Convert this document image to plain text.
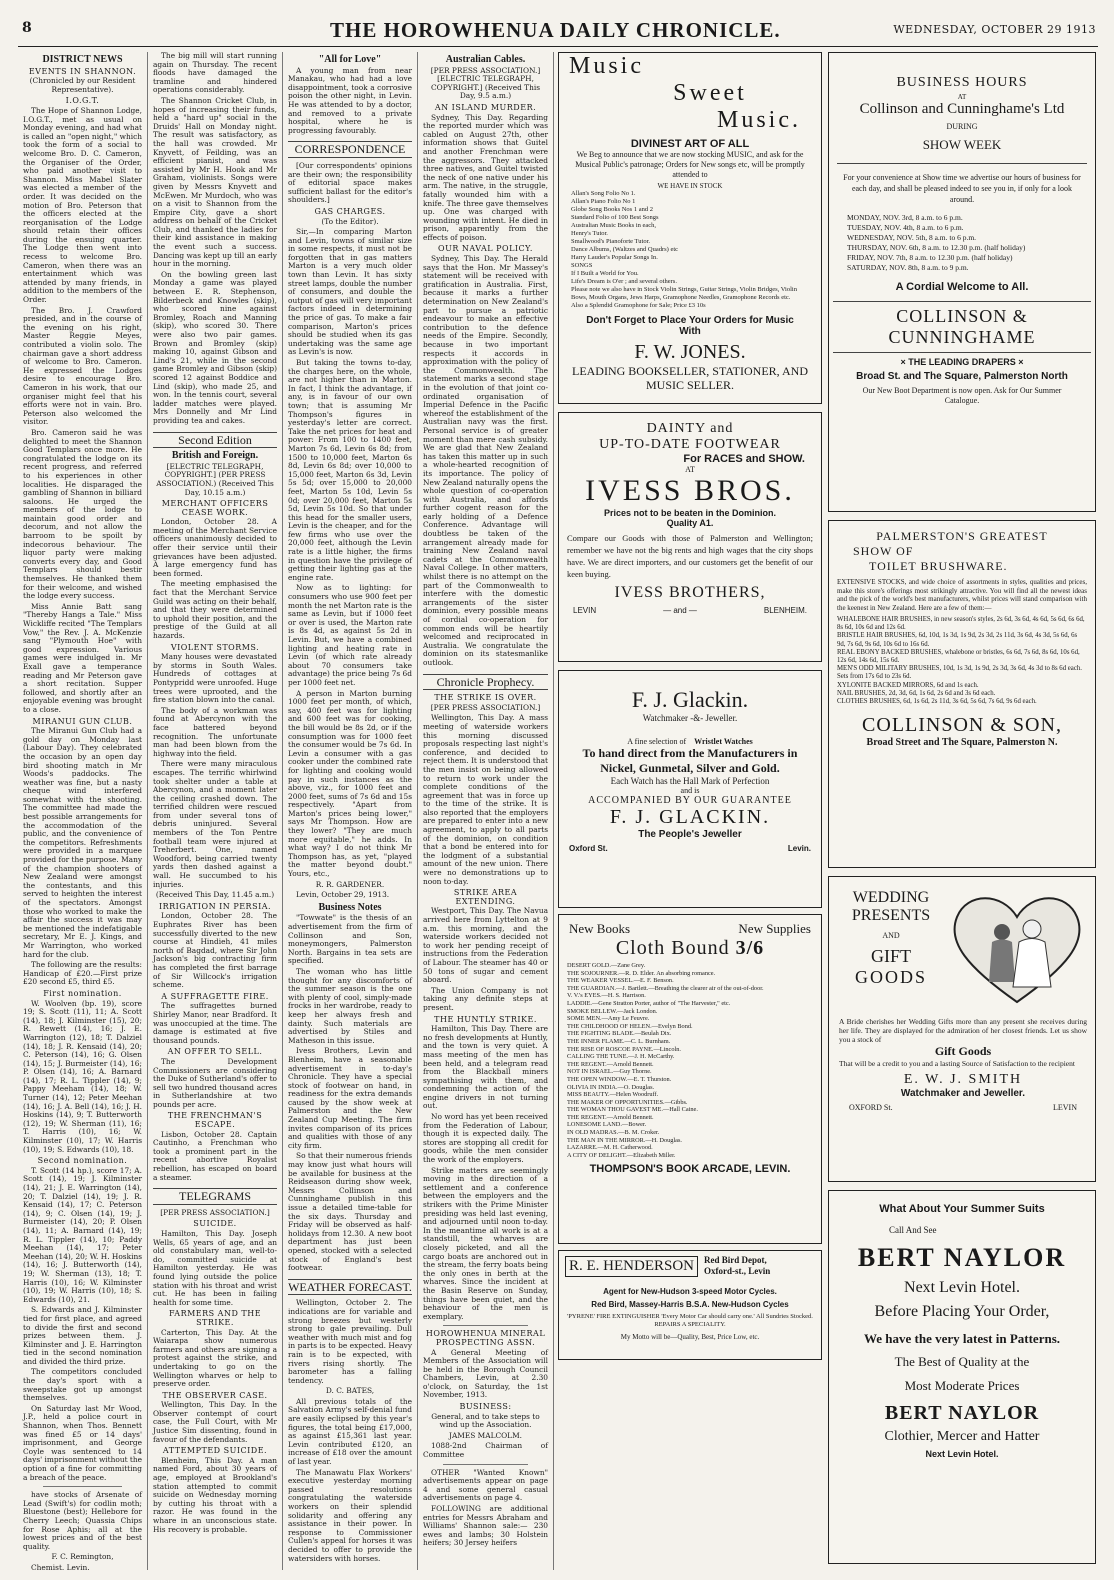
8	THE HOROWHENUA DAILY CHRONICLE.	WEDNESDAY, OCTOBER 29 1913
DISTRICT NEWS
EVENTS IN SHANNON.

(Chronicled by our Resident Representative).

I.O.G.T.

The Hope of Shannon Lodge, I.O.G.T., met as usual on Monday evening, and had what is called an "open night," which took the form of a social to welcome Bro. D. C. Cameron, the Organiser of the Order, who paid another visit to Shannon. Miss Mabel Slater was elected a member of the order. It was decided on the motion of Bro. Peterson that the officers elected at the reorganisation of the Lodge should retain their offices during the ensuing quarter. The Lodge then went into recess to welcome Bro. Cameron, when there was an entertainment which was attended by many friends, in addition to the members of the Order.

The Bro. J. Crawford presided, and in the course of the evening on his right, Master Reggie Meyes, contributed a violin solo. The chairman gave a short address of welcome to Bro. Cameron. He expressed the Lodges desire to encourage Bro. Cameron in his work, that our organiser might feel that his efforts were not in vain. Bro. Peterson also welcomed the visitor.

Bro. Cameron said he was delighted to meet the Shannon Good Templars once more. He congratulated the lodge on its recent progress, and referred to his experiences in other localities. He disparaged the gambling of Shannon in billiard saloons. He urged the members of the lodge to maintain good order and decorum, and not allow the barroom to be spoilt by indecorous behaviour. The liquor party were making converts every day, and Good Templars should bestir themselves. He thanked them for their welcome, and wished the lodge every success.

Miss Annie Batt sang "Thereby Hangs a Tale." Miss Wickliffe recited "The Templars Vow," the Rev. J. A. McKenzie sang "Plymouth Hoe" with good expression. Various games were indulged in. Mr Exall gave a temperance reading and Mr Peterson gave a short recitation. Supper followed, and shortly after an enjoyable evening was brought to a close.

MIRANUI GUN CLUB.

The Miranui Gun Club had a gold day on Monday last (Labour Day). They celebrated the occasion by an open day bird shooting match in Mr Woods's paddocks. The weather was fine, but a nasty cheque wind interfered somewhat with the shooting. The committee had made the best possible arrangements for the accommodation of the public, and the convenience of the competitors. Refreshments were provided in a marquee provided for the purpose. Many of the champion shooters of New Zealand were amongst the contestants, and this served to heighten the interest of the spectators. Amongst those who worked to make the affair the success it was may be mentioned the indefatigable secretary, Mr E. J. Kings, and Mr Warrington, who worked hard for the club.

The following are the results: Handicap of £20.—First prize £20 second £5, third £5.

First nomination.

W. Woolven (bp. 19), score 19; S. Scott (11), 11; A. Scott (14), 18; J. Kilminster (15), 20; R. Rewett (14), 16; J. E. Warrington (12), 18; T. Dalziel (14), 18; J. R. Kensaid (14), 20; C. Peterson (14), 16; G. Olsen (14), 15; J. Burmeister (14), 16; P. Olsen (14), 16; A. Barnard (14), 17; R. L. Tippler (14), 9; Pappy Meeham (14), 18; W. Turner (14), 12; Peter Meehan (14), 16; J. A. Bell (14), 16; J. H. Hoskins (14), 9; T. Butterworth (12), 19; W. Sherman (11), 16; T. Harris (10), 16; W. Kilminster (10), 17; W. Harris (10), 19; S. Edwards (10), 18.

Second nomination.

T. Scott (14 hp.), score 17; A. Scott (14), 19; J. Kilminster (14), 21; J. E. Warrington (14), 20; T. Dalziel (14), 19; J. R. Kensaid (14), 17; C. Peterson (14), 9; C. Olsen (14), 19; J. Burmeister (14), 20; P. Olsen (14), 11; A. Barnard (14), 19; R. L. Tippler (14), 10; Paddy Meehan (14), 17; Peter Meehan (14), 20; W. H. Hoskins (14), 16; J. Butterworth (14), 19; W. Sherman (13), 18; T. Harris (10), 16; W. Kilminster (10), 19; W. Harris (10), 18; S. Edwards (10), 21.

S. Edwards and J. Kilminster tied for first place, and agreed to divide the first and second prizes between them. J. Kilminster and J. E. Harrington tied in the second nomination and divided the third prize.

The competitors concluded the day's sport with a sweepstake got up amongst themselves.

On Saturday last Mr Wood, J.P., held a police court in Shannon, when Thos. Bennett was fined £5 or 14 days' imprisonment, and George Coyle was sentenced to 14 days' imprisonment without the option of a fine for committing a breach of the peace.

have stocks of Arsenate of Lead (Swift's) for codlin moth; Bluestone (best); Hellebore for Cherry Leech; Quassia Chips for Rose Aphis; all at the lowest prices and of the best quality.

F. C. Remington,

Chemist. Levin.

The big mill will start running again on Thursday. The recent floods have damaged the tramline and hindered operations considerably.

The Shannon Cricket Club, in hopes of increasing their funds, held a "hard up" social in the Druids' Hall on Monday night. The result was satisfactory, as the hall was crowded. Mr Knyvett, of Feilding, was an efficient pianist, and was assisted by Mr H. Hook and Mr Graham, violinists. Songs were given by Messrs Knyvett and McEwen. Mr Murdoch, who was on a visit to Shannon from the Empire City, gave a short address on behalf of the Cricket Club, and thanked the ladies for their kind assistance in making the event such a success. Dancing was kept up till an early hour in the morning.

On the bowling green last Monday a game was played between E. R. Stephenson, Bilderbeck and Knowles (skip), who scored nine against Bromley, Roach and Manning (skip), who scored 30. There were also two pair games. Brown and Bromley (skip) making 10, against Gibson and Lind's 21, while in the second game Bromley and Gibson (skip) scored 12 against Boddice and Lind (skip), who made 25, and won. In the tennis court, several ladder matches were played. Mrs Donnelly and Mr Lind providing tea and cakes.

Second Edition
British and Foreign.

[ELECTRIC TELEGRAPH, COPYRIGHT.] (PER PRESS ASSOCIATION.) (Received This Day, 10.15 a.m.)

MERCHANT OFFICERS CEASE WORK.

London, October 28. A meeting of the Merchant Service officers unanimously decided to offer their service until their grievances have been adjusted. A large emergency fund has been formed.

The meeting emphasised the fact that the Merchant Service Guild was acting on their behalf, and that they were determined to uphold their position, and the prestige of the Guild at all hazards.

VIOLENT STORMS.

Many houses were devastated by storms in South Wales. Hundreds of cottages at Pontypridd were unroofed. Huge trees were uprooted, and the fire station blown into the canal.

The body of a workman was found at Abercynon with the face battered beyond recognition. The unfortunate man had been blown from the highway into the field.

There were many miraculous escapes. The terrific whirlwind took shelter under a table at Abercynon, and a moment later the ceiling crashed down. The terrified children were rescued from under several tons of debris uninjured. Several members of the Ton Pentre football team were injured at Treherbert. One, named Woodford, being carried twenty yards then dashed against a wall. He succumbed to his injuries.

(Received This Day, 11.45 a.m.)

IRRIGATION IN PERSIA.

London, October 28. The Euphrates River has been successfully diverted to the new course at Hindieh, 41 miles north of Bagdad, where Sir John Jackson's big contracting firm has completed the first barrage of Sir Willcock's irrigation scheme.

A SUFFRAGETTE FIRE.

The suffragettes burned Shirley Manor, near Bradford. It was unoccupied at the time. The damage is estimated at five thousand pounds.

AN OFFER TO SELL.

The Development Commissioners are considering the Duke of Sutherland's offer to sell two hundred thousand acres in Sutherlandshire at two pounds per acre.

THE FRENCHMAN'S ESCAPE.

Lisbon, October 28. Captain Cautinho, a Frenchman who took a prominent part in the recent abortive Royalist rebellion, has escaped on board a steamer.

TELEGRAMS

[PER PRESS ASSOCIATION.]

SUICIDE.

Hamilton, This Day. Joseph Wells, 65 years of age, and an old constabulary man, well-to-do, committed suicide at Hamilton yesterday. He was found lying outside the police station with his throat and wrist cut. He has been in failing health for some time.

FARMERS AND THE STRIKE.

Carterton, This Day. At the Waiarapa show numerous farmers and others are signing a protest against the strike, and undertaking to go on the Wellington wharves or help to preserve order.

THE OBSERVER CASE.

Wellington, This Day. In the Observer contempt of court case, the Full Court, with Mr Justice Sim dissenting, found in favour of the defendants.

ATTEMPTED SUICIDE.

Blenheim, This Day. A man named Ford, about 30 years of age, employed at Brookland's station attempted to commit suicide on Wednesday morning by cutting his throat with a razor. He was found in the whare in an unconscious state. His recovery is probable.

"All for Love"

A young man from near Manakau, who had had a love disappointment, took a corrosive poison the other night, in Levin. He was attended to by a doctor, and removed to a private hospital, where he is progressing favourably.

CORRESPONDENCE

[Our correspondents' opinions are their own; the responsibility of editorial space makes sufficient ballast for the editor's shoulders.]

GAS CHARGES.

(To the Editor).

Sir,—In comparing Marton and Levin, towns of similar size in some respects, it must not be forgotten that in gas matters Marton is a very much older town than Levin. It has sixty street lamps, double the number of consumers, and double the output of gas will very important factors indeed in determining the price of gas. To make a fair comparison, Marton's prices should be studied when its gas undertaking was the same age as Levin's is now.

But taking the towns to-day, the charges here, on the whole, are not higher than in Marton. In fact, I think the advantage, if any, is in favour of our own town; that is assuming Mr Thompson's figures in yesterday's letter are correct. Take the net prices for heat and power: From 100 to 1400 feet, Marton 7s 6d, Levin 6s 8d; from 1500 to 10,000 feet, Marton 6s 8d, Levin 6s 8d; over 10,000 to 15,000 feet, Marton 6s 3d, Levin 5s 5d; over 15,000 to 20,000 feet, Marton 5s 10d, Levin 5s 0d; over 20,000 feet, Marton 5s 5d, Levin 5s 10d. So that under this head for the smaller users, Levin is the cheaper, and for the few firms who use over the 20,000 feet, although the Levin rate is a little higher, the firms in question have the privilege of getting their lighting gas at the engine rate.

Now as to lighting: for consumers who use 900 feet per month the net Marton rate is the same as Levin, but if 1000 feet or over is used, the Marton rate is 8s 4d, as against 5s 2d in Levin. But, we have a combined lighting and heating rate in Levin (of which rate already about 70 consumers take advantage) the price being 7s 6d per 1000 feet net.

A person in Marton burning 1000 feet per month, of which, say, 400 feet was for lighting and 600 feet was for cooking, the bill would be 8s 2d, or if the consumption was for 1000 feet the consumer would be 7s 6d. In Levin a consumer with a gas cooker under the combined rate for lighting and cooking would pay in such instances as the above, viz., for 1000 feet and 2000 feet, sums of 7s 6d and 15s respectively. "Apart from Marton's prices being lower," says Mr Thompson. How are they lower? "They are much more equitable," he adds. In what way? I do not think Mr Thompson has, as yet, "played the matter beyond doubt." Yours, etc.,

R. R. GARDENER.

Levin, October 29, 1913.

Business Notes

"Towwate" is the thesis of an advertisement from the firm of Collinson and Son, moneymongers, Palmerston North. Bargains in tea sets are specified.

The woman who has little thought for any discomforts of the summer season is the one with plenty of cool, simply-made frocks in her wardrobe, ready to keep her always fresh and dainty. Such materials are advertised by Stiles and Matheson in this issue.

Ivess Brothers, Levin and Blenheim, have a seasonable advertisement in to-day's Chronicle. They have a special stock of footwear on hand, in readiness for the extra demands caused by the show week at Palmerston and the New Zealand Cup Meeting. The firm invites comparison of its prices and qualities with those of any city firm.

So that their numerous friends may know just what hours will be available for business at the Reidseason during show week, Messrs Collinson and Cunninghame publish in this issue a detailed time-table for the six days. Thursday and Friday will be observed as half-holidays from 12.30. A new boot department has just been opened, stocked with a selected stock of England's best footwear.

WEATHER FORECAST.

Wellington, October 2. The indications are for variable and strong breezes but westerly strong to gale prevailing. Dull weather with much mist and fog in parts is to be expected. Heavy rain is to be expected, with rivers rising shortly. The barometer has a falling tendency.

D. C. BATES,

All previous totals of the Salvation Army's self-denial fund are easily eclipsed by this year's figures, the total being £17,000, as against £15,361 last year. Levin contributed £120, an increase of £18 over the amount of last year.

The Manawatu Flax Workers' executive yesterday morning passed resolutions congratulating the waterside workers on their splendid solidarity and offering any assistance in their power. In response to Commissioner Cullen's appeal for horses it was decided to offer to provide the watersiders with horses.

Australian Cables.

[PER PRESS ASSOCIATION.] [ELECTRIC TELEGRAPH, COPYRIGHT.] (Received This Day, 9.5 a.m.)

AN ISLAND MURDER.

Sydney, This Day. Regarding the reported murder which was cabled on August 27th, other information shows that Guitel and another Frenchman were the aggressors. They attacked three natives, and Guitel twisted the neck of one native under his arm. The native, in the struggle, fatally wounded him with a knife. The three gave themselves up. One was charged with wounding with intent. He died in prison, apparently from the effects of poison.

OUR NAVAL POLICY.

Sydney, This Day. The Herald says that the Hon. Mr Massey's statement will be received with gratification in Australia. First, because it marks a further determination on New Zealand's part to pursue a patriotic endeavour to make an effective contribution to the defence needs of the Empire. Secondly, because in two important respects it accords in approximation with the policy of the Commonwealth. The statement marks a second stage in the evolution of that joint co-ordinated organisation of Imperial Defence in the Pacific whereof the establishment of the Australian navy was the first. Personal service is of greater moment than mere cash subsidy. We are glad that New Zealand has taken this matter up in such a whole-hearted recognition of its importance. The policy of New Zealand naturally opens the whole question of co-operation with Australia, and affords further cogent reason for the early holding of a Defence Conference. Advantage will doubtless be taken of the arrangement already made for training New Zealand naval cadets at the Commonwealth Naval College. In other matters, whilst there is no attempt on the part of the Commonwealth to interfere with the domestic arrangements of the sister dominion, every possible means of cordial co-operation for common ends will be heartily welcomed and reciprocated in Australia. We congratulate the dominion on its statesmanlike outlook.

Chronicle Prophecy.
THE STRIKE IS OVER.

[PER PRESS ASSOCIATION.]

Wellington, This Day. A mass meeting of waterside workers this morning discussed proposals respecting last night's conference, and decided to reject them. It is understood that the men insist on being allowed to return to work under the complete conditions of the agreement that was in force up to the time of the strike. It is also reported that the employers are prepared to enter into a new agreement, to apply to all parts of the dominion, on condition that a bond be entered into for the lodgment of a substantial amount of the new union. There were no demonstrations up to noon to-day.

STRIKE AREA EXTENDING.

Westport, This Day. The Navua arrived here from Lyttelton at 9 a.m. this morning, and the waterside workers decided not to work her pending receipt of instructions from the Federation of Labour. The steamer has 40 or 50 tons of sugar and cement aboard.

The Union Company is not taking any definite steps at present.

THE HUNTLY STRIKE.

Hamilton, This Day. There are no fresh developments at Huntly, and the town is very quiet. A mass meeting of the men has been held, and a telegram read from the Blackball miners sympathising with them, and condemning the action of the engine drivers in not turning out.

No word has yet been received from the Federation of Labour, though it is expected daily. The stores are stopping all credit for goods, while the men consider the work of the employers.

Strike matters are seemingly moving in the direction of a settlement and a conference between the employers and the strikers with the Prime Minister presiding was held last evening, and adjourned until noon to-day. In the meantime all work is at a standstill, the wharves are closely picketed, and all the cargo boats are anchored out in the stream, the ferry boats being the only ones in berth at the wharves. Since the incident at the Basin Reserve on Sunday, things have been quiet, and the behaviour of the men is exemplary.

HOROWHENUA MINERAL PROSPECTING ASSN.

A General Meeting of Members of the Association will be held in the Borough Council Chambers, Levin, at 2.30 o'clock, on Saturday, the 1st November, 1913.

BUSINESS:

General, and to take steps to wind up the Association.

JAMES MALCOLM.

1088-2nd Chairman of Committee

OTHER "Wanted Known" advertisements appear on page 4 and some general casual advertisements on page 4.

FOLLOWING are additional entries for Messrs Abraham and Williams' Shannon sale:— 230 ewes and lambs; 30 Holstein heifers; 30 Jersey heifers

Music
Sweet
Music.
DIVINEST ART OF ALL
We Beg to announce that we are now stocking MUSIC, and ask for the Musical Public's patronage; Orders for New songs etc, will be promptly attended to
WE HAVE IN STOCK
Allan's Song Folio No 1.
Allan's Piano Folio No 1
Globe Song Books Nos 1 and 2
Standard Folio of 100 Best Songs
Australian Music Books in each,
Henry's Tutor.
Smallwood's Pianoforte Tutor.
Dance Albums, (Waltzes and Quadrs) etc
Harry Lauder's Popular Songs In.
SONGS
If I Built a World for You.
Life's Dream is O'er ; and several others.
Please note we also have in Stock Violin Strings, Guitar Strings, Violin Bridges, Violin Bows, Mouth Organs, Jews Harps, Gramophone Needles, Gramophone Records etc.
Also a Splendid Gramophone for Sale; Price £3 10s
Don't Forget to Place Your Orders for Music With
F. W. JONES.
LEADING BOOKSELLER, STATIONER, AND MUSIC SELLER.
DAINTY and
UP-TO-DATE FOOTWEAR
For RACES and SHOW.
AT
IVESS BROS.
Prices not to be beaten in the Dominion.
Quality A1.
Compare our Goods with those of Palmerston and Wellington; remember we have not the big rents and high wages that the city shops have. We are direct importers, and our customers get the benefit of our keen buying.
IVESS BROTHERS,
LEVIN	— and —	BLENHEIM.
F. J. Glackin.
Watchmaker -&- Jeweller.
A fine selection of Wristlet Watches
To hand direct from the Manufacturers in
Nickel, Gunmetal, Silver and Gold.
Each Watch has the Hall Mark of Perfection
and is
ACCOMPANIED BY OUR GUARANTEE
F. J. GLACKIN.
The People's Jeweller
Oxford St.	Levin.
New Books	New Supplies
Cloth Bound 3/6
DESERT GOLD.—Zane Grey.
THE SOJOURNER.—R. D. Elder. An absorbing romance.
THE WEAKER VESSEL.—E. F. Benson.
THE GUARDIAN.—J. Bartlett.—Breathing the clearer air of the out-of-door.
V. V.'s EYES.—H. S. Harrison.
LADDIE.—Gene Stratton Porter, author of "The Harvester," etc.
SMOKE BELLEW.—Jack London.
SOME MEN.—Amy Le Feuvre.
THE CHILDHOOD OF HELEN.—Evelyn Bond.
THE FIGHTING BLADE.—Beulah Dix.
THE INNER FLAME.—C. L. Burnham.
THE RISE OF ROSCOE PAYNE.—Lincoln.
CALLING THE TUNE.—J. H. McCarthy.
THE REGENT.—Arnold Bennett.
NOT IN ISRAEL.—Guy Thorne.
THE OPEN WINDOW.—E. T. Thurston.
OLIVIA IN INDIA.—O. Douglas.
MISS BEAUTY.—Helen Woodruff.
THE MAKER OF OPPORTUNITIES.—Gibbs.
THE WOMAN THOU GAVEST ME.—Hall Caine.
THE REGENT.—Arnold Bennett.
LONESOME LAND.—Bower.
IN OLD MADRAS.—B. M. Croker.
THE MAN IN THE MIRROR.—H. Douglas.
LAZARRE.—M. H. Catherwood.
A CITY OF DELIGHT.—Elizabeth Miller.
THOMPSON'S BOOK ARCADE, LEVIN.
R. E. HENDERSON	Red Bird Depot,
Oxford-st., Levin
Agent for New-Hudson 3-speed Motor Cycles.
Red Bird, Massey-Harris B.S.A. New-Hudson Cycles
'PYRENE' FIRE EXTINGUISHER 'Every Motor Car should carry one.' All Sundries Stocked. REPAIRS A SPECIALITY.
My Motto will be—Quality, Best, Price Low, etc.
BUSINESS HOURS
AT
Collinson and Cunninghame's Ltd
DURING
SHOW WEEK
For your convenience at Show time we advertise our hours of business for each day, and shall be pleased indeed to see you in, if only for a look around.
MONDAY, NOV. 3rd, 8 a.m. to 6 p.m.
TUESDAY, NOV. 4th, 8 a.m. to 6 p.m.
WEDNESDAY, NOV. 5th, 8 a.m. to 6 p.m.
THURSDAY, NOV. 6th, 8 a.m. to 12.30 p.m. (half holiday)
FRIDAY, NOV. 7th, 8 a.m. to 12.30 p.m. (half holiday)
SATURDAY, NOV. 8th, 8 a.m. to 9 p.m.
A Cordial Welcome to All.
COLLINSON & CUNNINGHAME
× THE LEADING DRAPERS ×
Broad St. and The Square, Palmerston North
Our New Boot Department is now open. Ask for Our Summer Catalogue.
PALMERSTON'S GREATEST
SHOW OF
TOILET BRUSHWARE.
EXTENSIVE STOCKS, and wide choice of assortments in styles, qualities and prices, make this store's offerings most strikingly attractive. You will find all the newest ideas and the pick of the world's best manufacturers, whilst prices will stand comparison with the keenest in New Zealand. Here are a few of them:—
WHALEBONE HAIR BRUSHES, in new season's styles, 2s 6d, 3s 6d, 4s 6d, 5s 6d, 6s 6d, 8s 6d, 10s 6d and 12s 6d.
BRISTLE HAIR BRUSHES, 6d, 10d, 1s 3d, 1s 9d, 2s 3d, 2s 11d, 3s 6d, 4s 3d, 5s 6d, 6s 9d, 7s 6d, 9s 6d, 10s 6d to 16s 6d.
REAL EBONY BACKED BRUSHES, whalebone or bristles, 6s 6d, 7s 6d, 8s 6d, 10s 6d, 12s 6d, 14s 6d, 15s 6d.
MEN'S ODD MILITARY BRUSHES, 10d, 1s 3d, 1s 9d, 2s 3d, 3s 6d, 4s 3d to 8s 6d each. Sets from 17s 6d to 23s 6d.
XYLONITE BACKED MIRRORS, 6d and 1s each.
NAIL BRUSHES, 2d, 3d, 6d, 1s 6d, 2s 6d and 3s 6d each.
CLOTHES BRUSHES, 6d, 1s 6d, 2s 11d, 3s 6d, 5s 6d, 7s 6d, 9s 6d each.
COLLINSON & SON,
Broad Street and The Square, Palmerston N.
WEDDING
PRESENTS
AND
GIFT
GOODS
A Bride cherishes her Wedding Gifts more than any present she receives during her life. They are displayed for the admiration of her closest friends. Let us show you a stock of
Gift Goods
That will be a credit to you and a lasting Source of Satisfaction to the recipient
E. W. J. SMITH
Watchmaker and Jeweller.
OXFORD St.	LEVIN
What About Your Summer Suits
Call And See
BERT NAYLOR
Next Levin Hotel.
Before Placing Your Order,
We have the very latest in Patterns.
The Best of Quality at the
Most Moderate Prices
BERT NAYLOR
Clothier, Mercer and Hatter
Next Levin Hotel.
